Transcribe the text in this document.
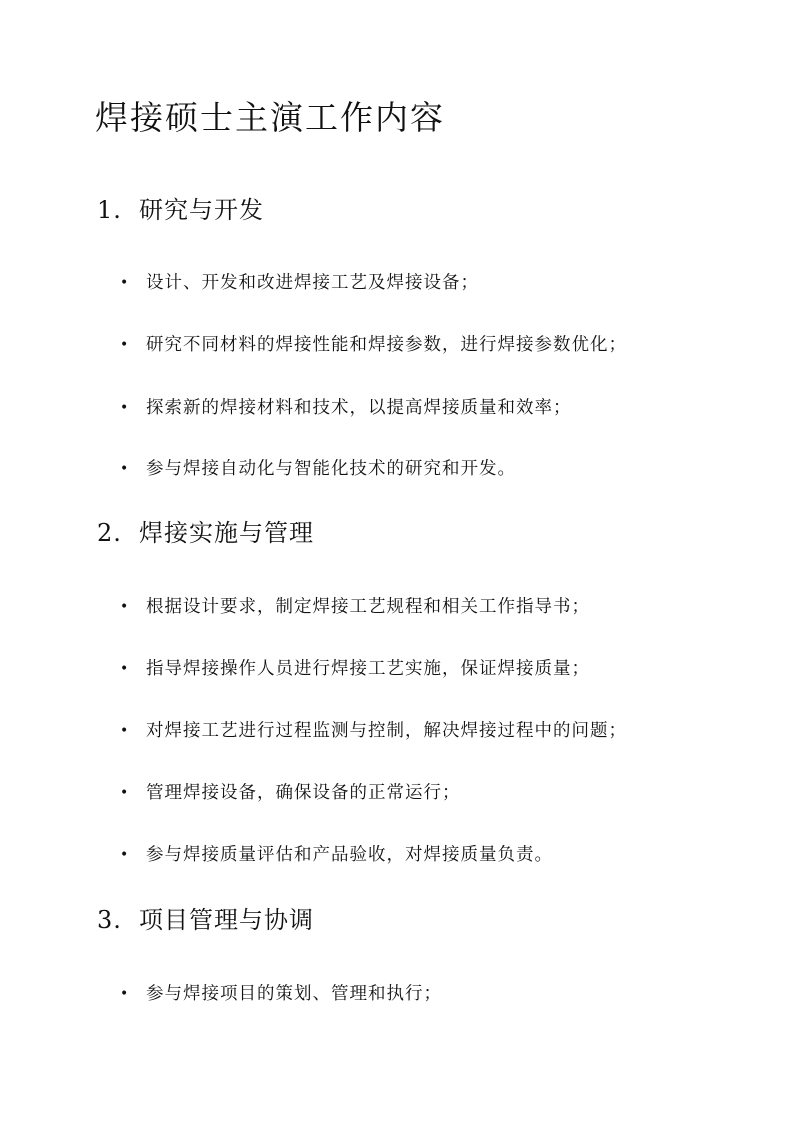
焊接硕士主演工作内容
1. 研究与开发
• 设计、开发和改进焊接工艺及焊接设备；
• 研究不同材料的焊接性能和焊接参数，进行焊接参数优化；
• 探索新的焊接材料和技术，以提高焊接质量和效率；
• 参与焊接自动化与智能化技术的研究和开发。
2. 焊接实施与管理
• 根据设计要求，制定焊接工艺规程和相关工作指导书；
• 指导焊接操作人员进行焊接工艺实施，保证焊接质量；
• 对焊接工艺进行过程监测与控制，解决焊接过程中的问题；
• 管理焊接设备，确保设备的正常运行；
• 参与焊接质量评估和产品验收，对焊接质量负责。
3. 项目管理与协调
• 参与焊接项目的策划、管理和执行；
